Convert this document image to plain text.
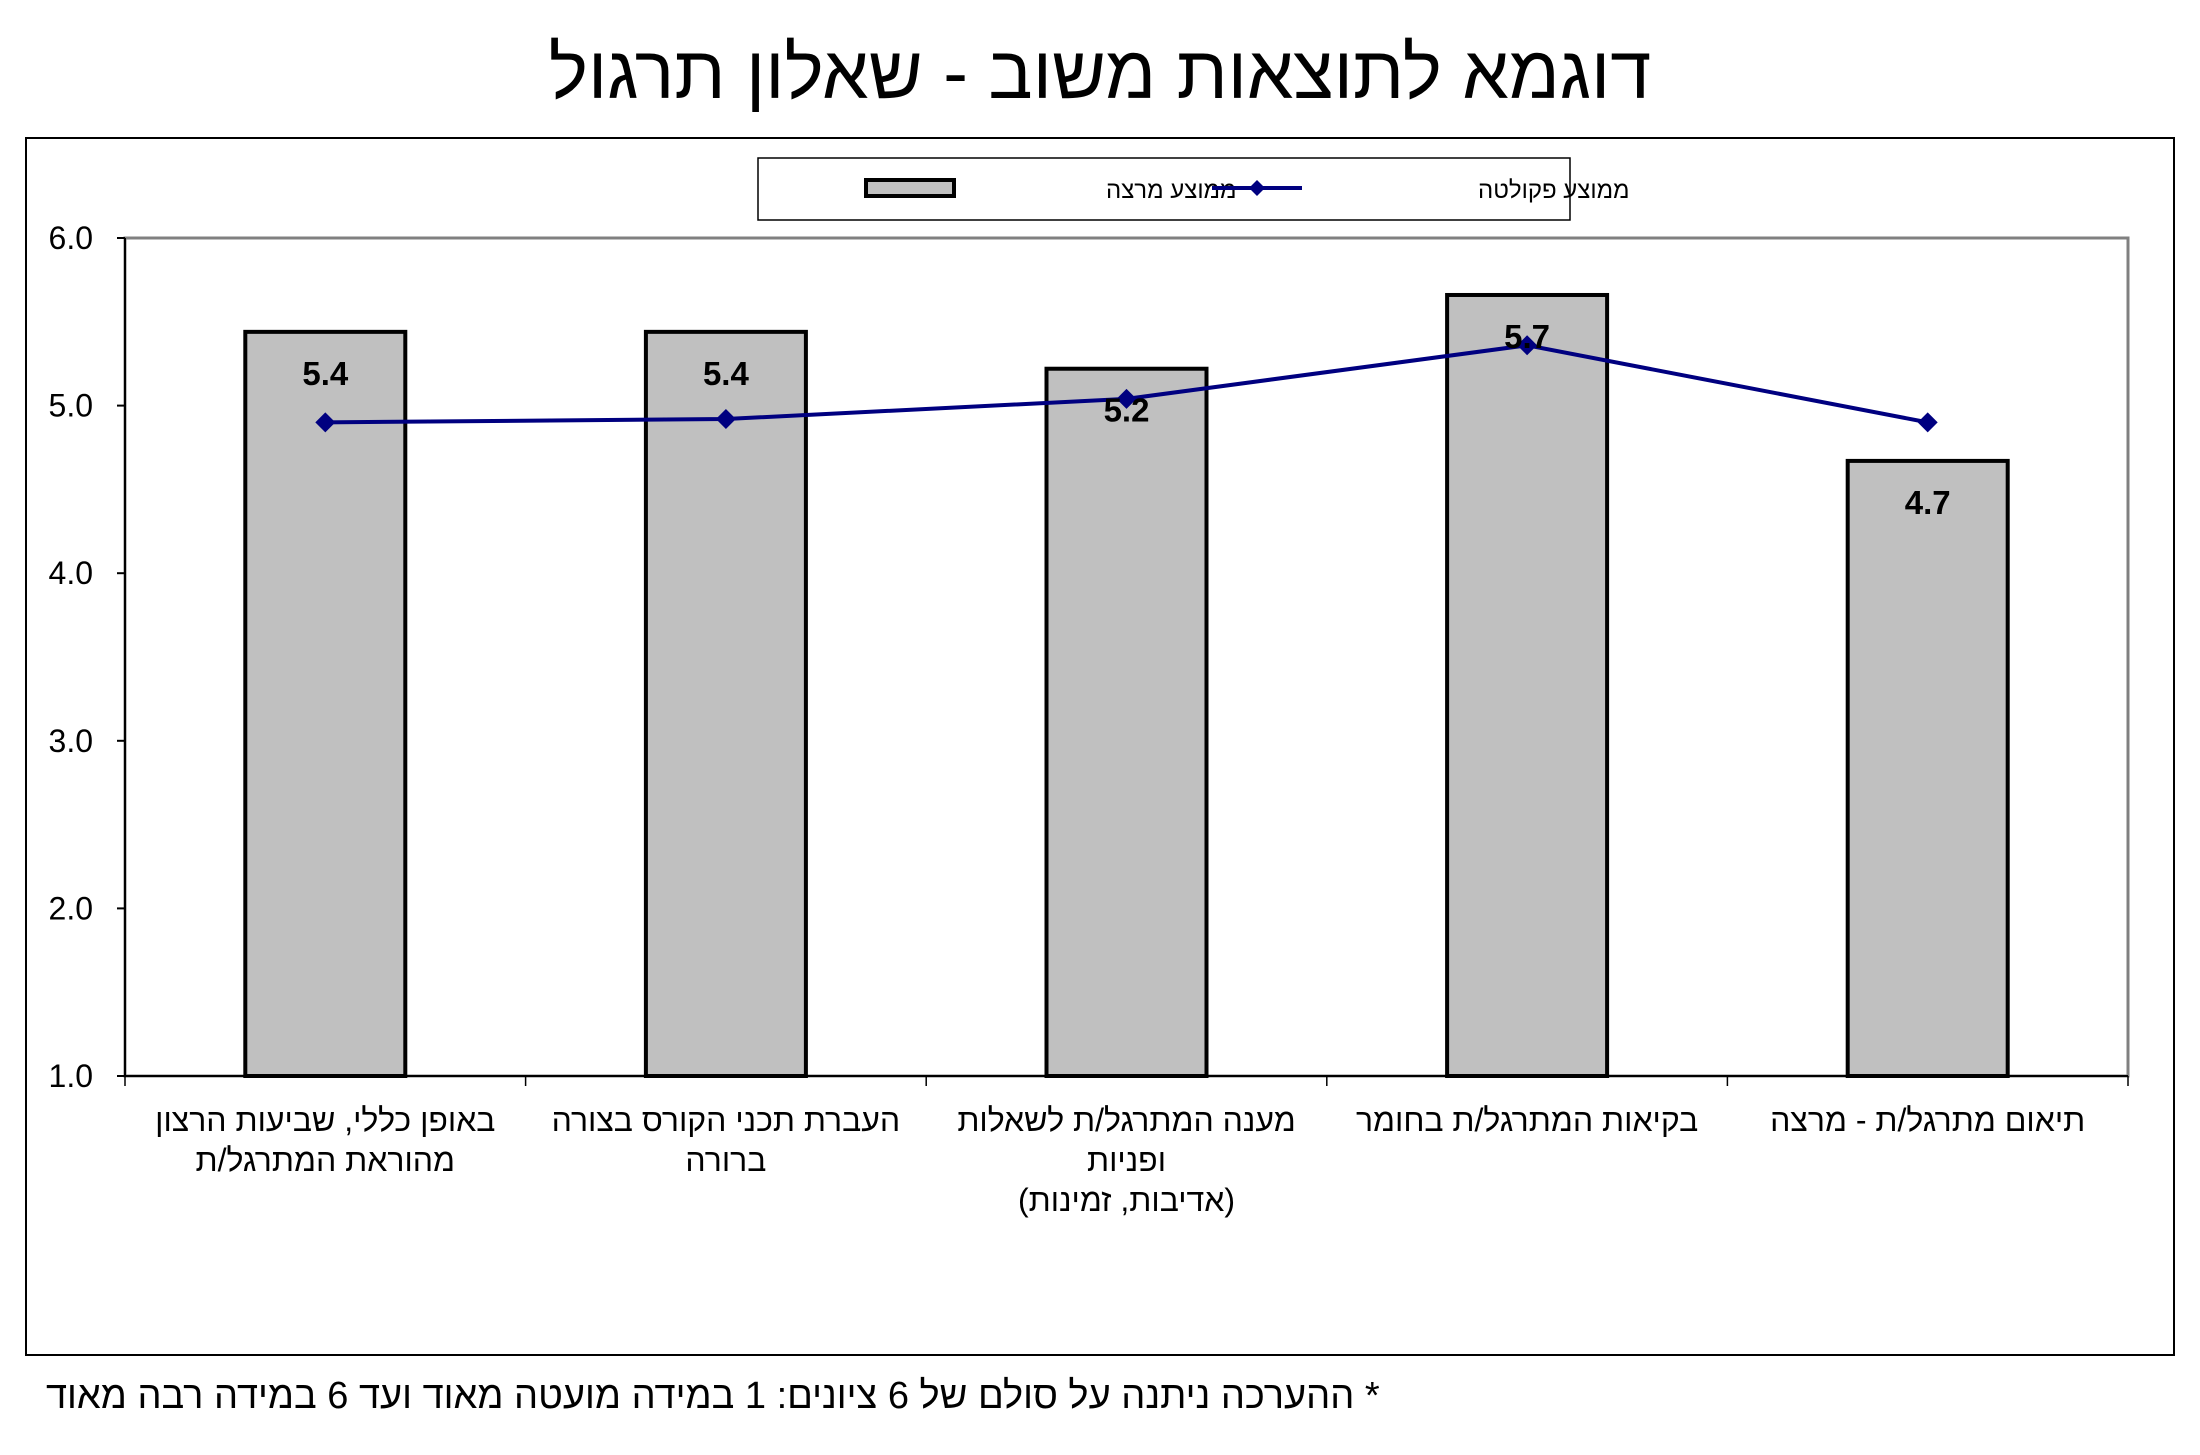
דוגמא לתוצאות משוב - שאלון תרגול
ממוצע מרצה	ממוצע פקולטה
1.0
2.0
3.0
4.0
5.0
6.0
5.4	5.4
5.2
5.7
4.7
באופן כללי, שביעות הרצון
מהוראת המתרגל/ת
העברת תכני הקורס בצורה
ברורה
מענה המתרגל/ת לשאלות
ופניות
(אדיבות, זמינות)
בקיאות המתרגל/ת בחומר תיאום מתרגל/ת - מרצה
* ההערכה ניתנה על סולם של 6 ציונים: 1 במידה מועטה מאוד ועד 6 במידה רבה מאוד
